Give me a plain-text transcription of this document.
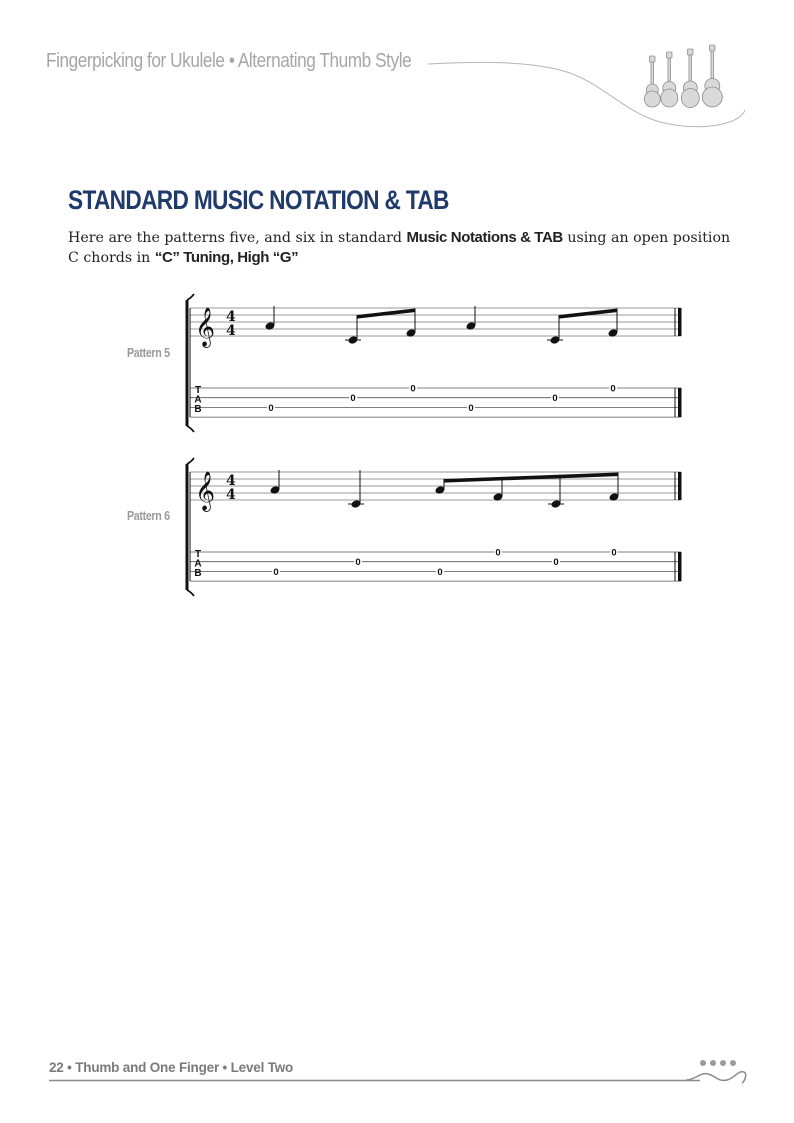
Fingerpicking for Ukulele • Alternating Thumb Style
STANDARD MUSIC NOTATION & TAB
Here are the patterns five, and six in standard Music Notations & TAB using an open position C chords in “C” Tuning, High “G”
Pattern 5
Pattern 6
𝄞 4
4
T
A
B	0
0
0
0
0
0
𝄞 4
4
T
A
B	0
0
0
0
0
0
22 • Thumb and One Finger • Level Two
